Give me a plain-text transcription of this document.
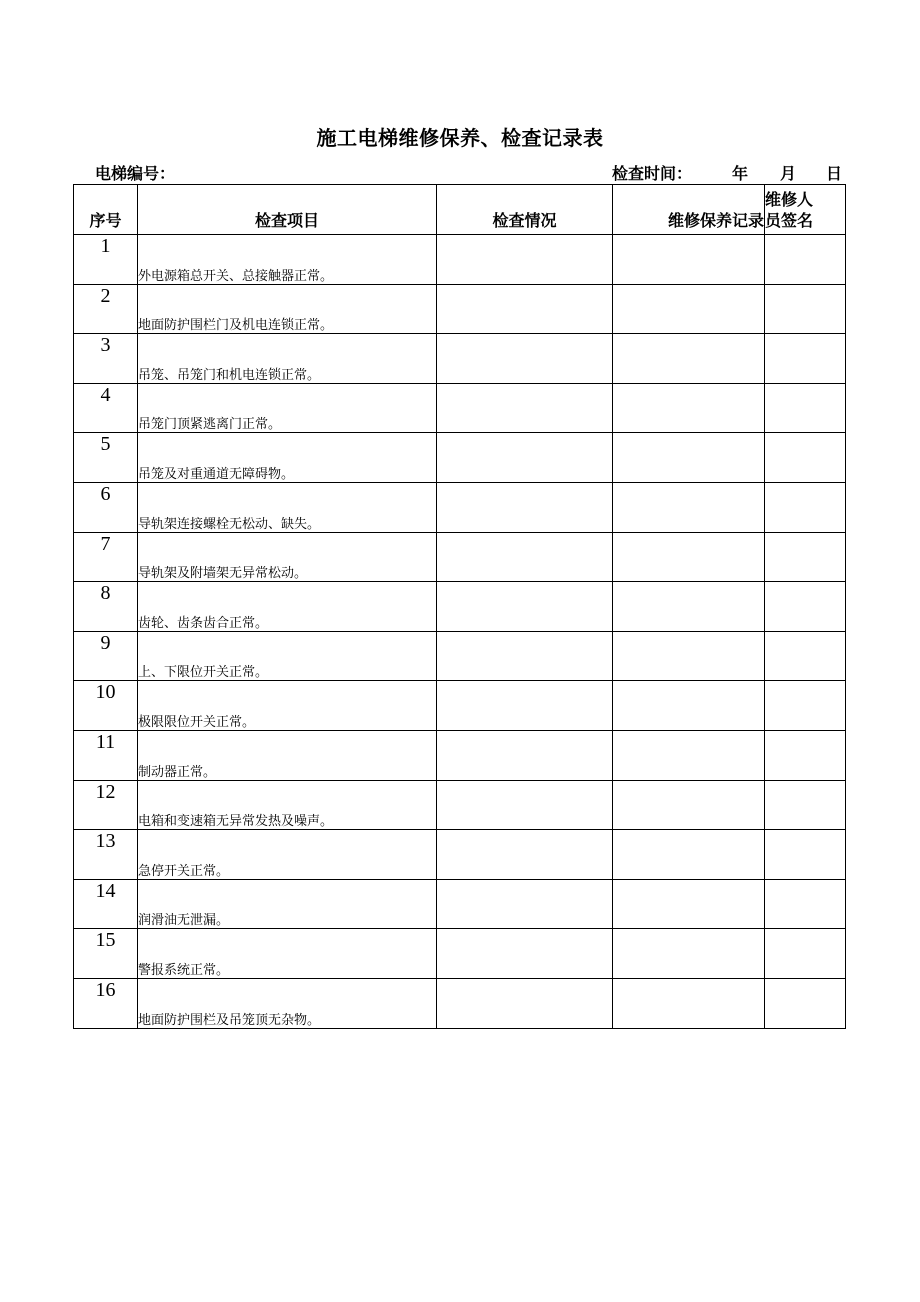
施工电梯维修保养、检查记录表
电梯编号：	检查时间： 年 月 日
序号	检查项目	检查情况	维修保养记录	维修人
员签名
1	外电源箱总开关、总接触器正常。			
2	地面防护围栏门及机电连锁正常。			
3	吊笼、吊笼门和机电连锁正常。			
4	吊笼门顶紧逃离门正常。			
5	吊笼及对重通道无障碍物。			
6	导轨架连接螺栓无松动、缺失。			
7	导轨架及附墙架无异常松动。			
8	齿轮、齿条齿合正常。			
9	上、下限位开关正常。			
10	极限限位开关正常。			
11	制动器正常。			
12	电箱和变速箱无异常发热及噪声。			
13	急停开关正常。			
14	润滑油无泄漏。			
15	警报系统正常。			
16	地面防护围栏及吊笼顶无杂物。			
